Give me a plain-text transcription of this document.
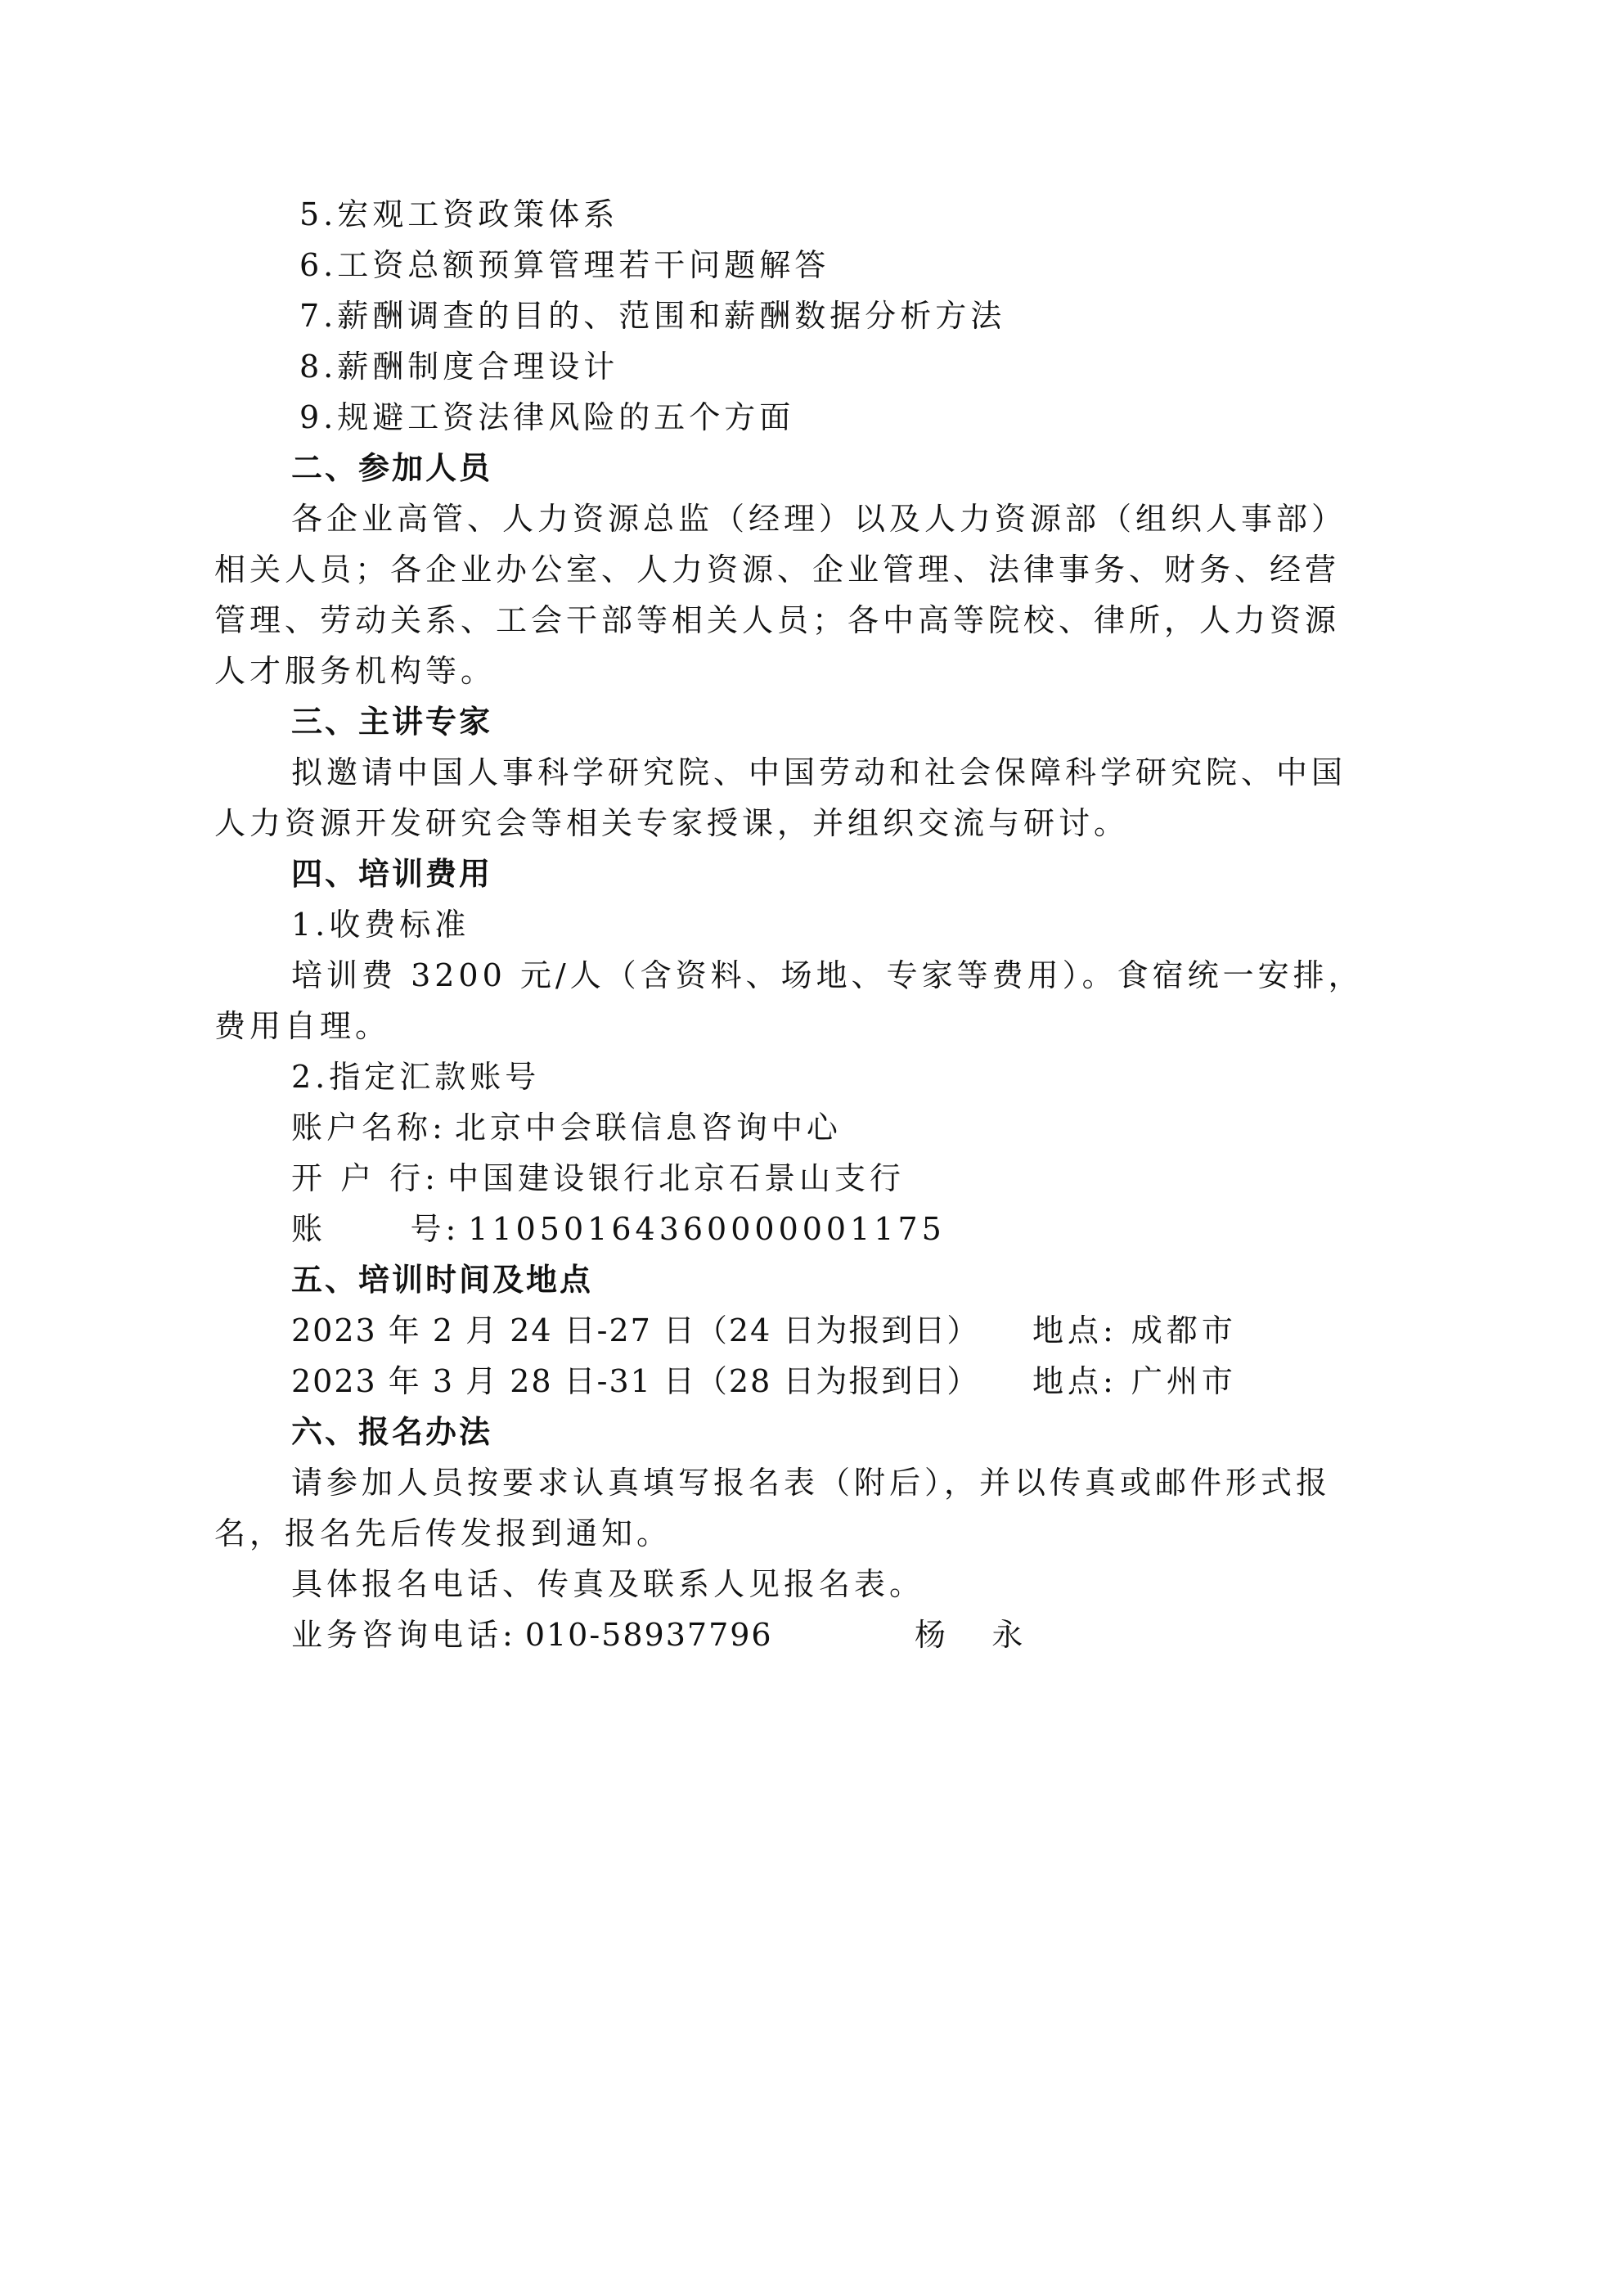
5.宏观工资政策体系
6.工资总额预算管理若干问题解答
7.薪酬调查的目的、范围和薪酬数据分析方法
8.薪酬制度合理设计
9.规避工资法律风险的五个方面
二、参加人员
各企业高管、人力资源总监（经理）以及人力资源部（组织人事部）
相关人员；各企业办公室、人力资源、企业管理、法律事务、财务、经营
管理、劳动关系、工会干部等相关人员；各中高等院校、律所，人力资源
人才服务机构等。
三、主讲专家
拟邀请中国人事科学研究院、中国劳动和社会保障科学研究院、中国
人力资源开发研究会等相关专家授课，并组织交流与研讨。
四、培训费用
1.收费标准
培训费 3200 元/人（含资料、场地、专家等费用）。食宿统一安排，
费用自理。
2.指定汇款账号
账户名称: 北京中会联信息咨询中心
开 户 行: 中国建设银行北京石景山支行
账      号: 11050164360000001175
五、培训时间及地点
2023 年 2 月 24 日-27 日（24 日为报到日） 地点: 成都市
2023 年 3 月 28 日-31 日（28 日为报到日） 地点: 广州市
六、报名办法
请参加人员按要求认真填写报名表（附后），并以传真或邮件形式报
名，报名先后传发报到通知。
具体报名电话、传真及联系人见报名表。
业务咨询电话: 010-58937796	杨   永
